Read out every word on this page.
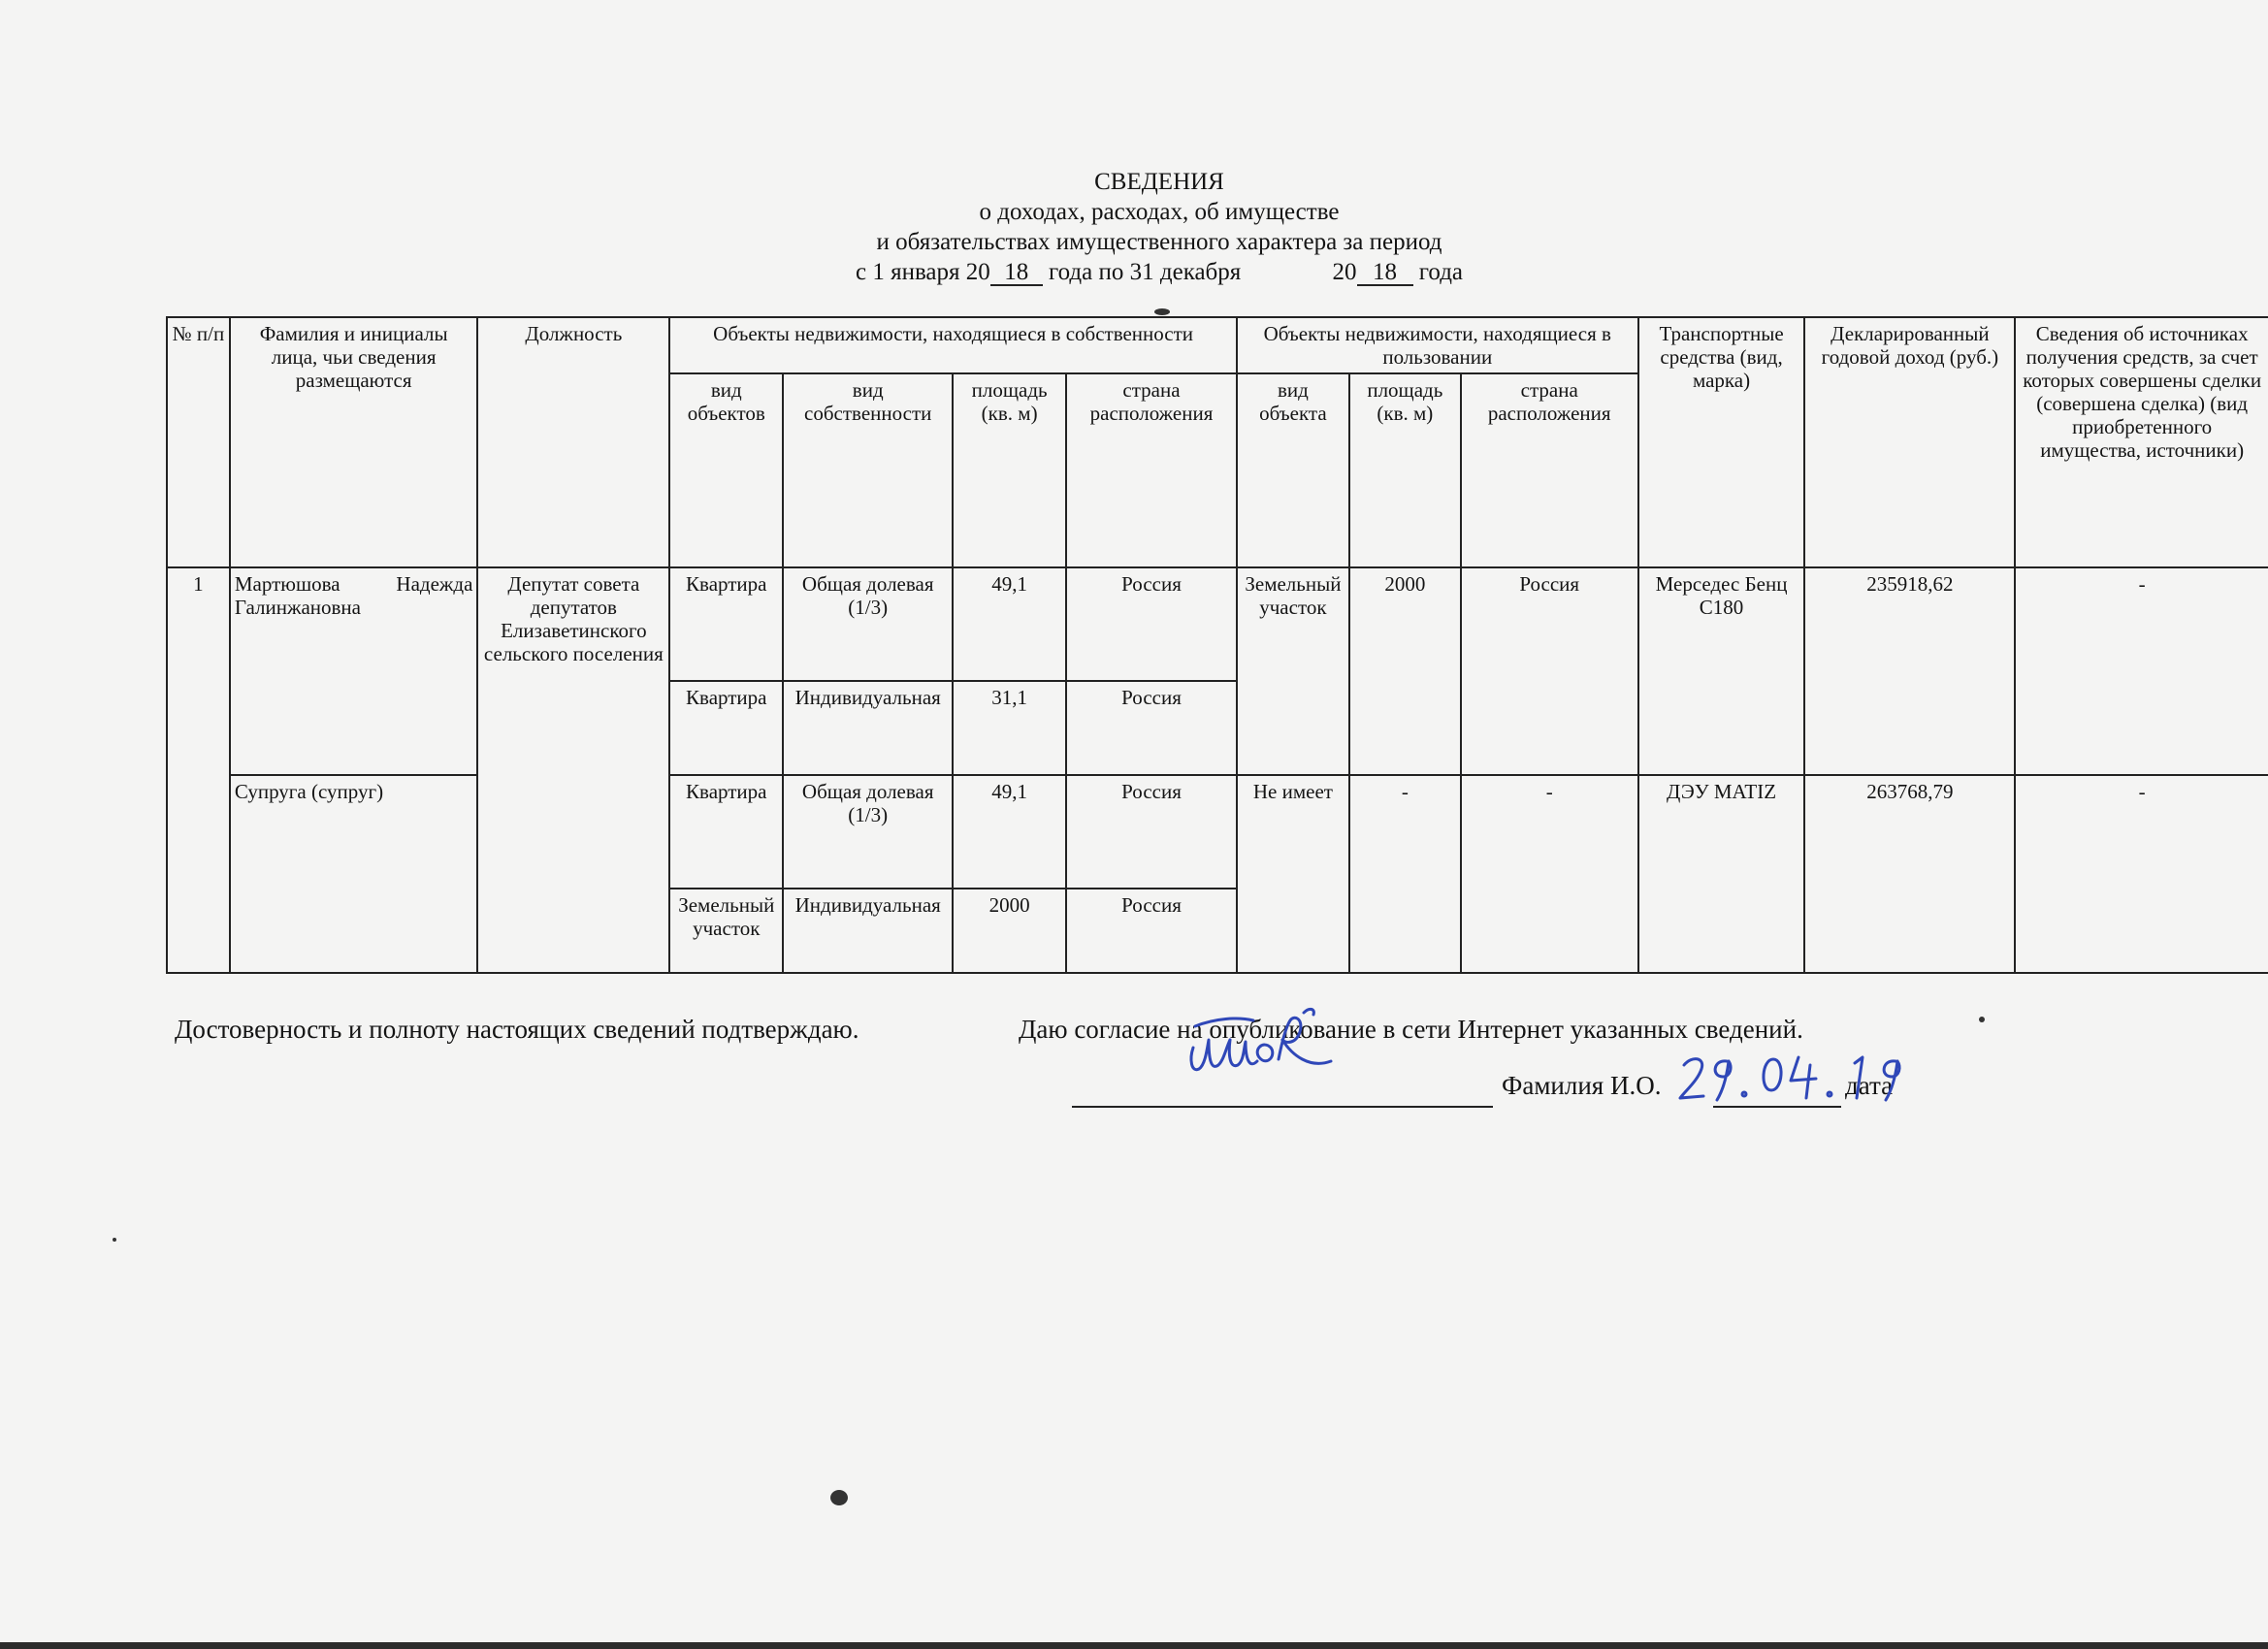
СВЕДЕНИЯ
о доходах, расходах, об имуществе
и обязательствах имущественного характера за период
с 1 января 20 18 года по 31 декабря	20 18 года
№ п/п	Фамилия и инициалы лица, чьи сведения размещаются	Должность	Объекты недвижимости, находящиеся в собственности				Объекты недвижимости, находящиеся в пользовании			Транспортные средства (вид, марка)	Декларированный годовой доход (руб.)	Сведения об источниках получения средств, за счет которых совершены сделки (совершена сделка) (вид приобретенного имущества, источники)
			вид объектов	вид собственности	площадь (кв. м)	страна расположения	вид объекта	площадь (кв. м)	страна расположения			
1	Мартюшова Надежда Галинжановна	Депутат совета депутатов Елизаветинского сельского поселения	Квартира	Общая долевая (1/3)	49,1	Россия	Земельный участок	2000	Россия	Мерседес Бенц С180	235918,62	-
			Квартира	Индивидуальная	31,1	Россия						
	Супруга (супруг)		Квартира	Общая долевая (1/3)	49,1	Россия	Не имеет	-	-	ДЭУ MATIZ	263768,79	-
			Земельный участок	Индивидуальная	2000	Россия						
Достоверность и полноту настоящих сведений подтверждаю.	Даю согласие на опубликование в сети Интернет указанных сведений.
Фамилия И.О.	дата
